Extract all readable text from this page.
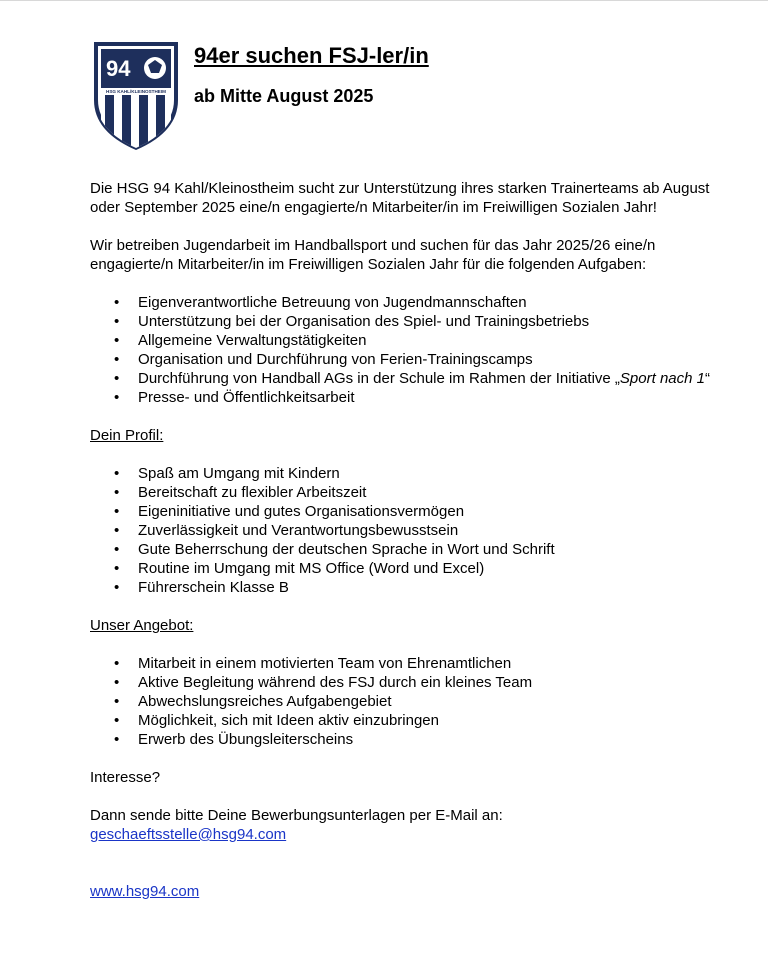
94
HSG KAHL/KLEINOSTHEIM
94er suchen FSJ-ler/in
ab Mitte August 2025

Die HSG 94 Kahl/Kleinostheim sucht zur Unterstützung ihres starken Trainerteams ab August oder September 2025 eine/n engagierte/n Mitarbeiter/in im Freiwilligen Sozialen Jahr!

Wir betreiben Jugendarbeit im Handballsport und suchen für das Jahr 2025/26 eine/n engagierte/n Mitarbeiter/in im Freiwilligen Sozialen Jahr für die folgenden Aufgaben:

• Eigenverantwortliche Betreuung von Jugendmannschaften
• Unterstützung bei der Organisation des Spiel- und Trainingsbetriebs
• Allgemeine Verwaltungstätigkeiten
• Organisation und Durchführung von Ferien-Trainingscamps
• Durchführung von Handball AGs in der Schule im Rahmen der Initiative „Sport nach 1“
• Presse- und Öffentlichkeitsarbeit

Dein Profil:

• Spaß am Umgang mit Kindern
• Bereitschaft zu flexibler Arbeitszeit
• Eigeninitiative und gutes Organisationsvermögen
• Zuverlässigkeit und Verantwortungsbewusstsein
• Gute Beherrschung der deutschen Sprache in Wort und Schrift
• Routine im Umgang mit MS Office (Word und Excel)
• Führerschein Klasse B

Unser Angebot:

• Mitarbeit in einem motivierten Team von Ehrenamtlichen
• Aktive Begleitung während des FSJ durch ein kleines Team
• Abwechslungsreiches Aufgabengebiet
• Möglichkeit, sich mit Ideen aktiv einzubringen
• Erwerb des Übungsleiterscheins

Interesse?

Dann sende bitte Deine Bewerbungsunterlagen per E-Mail an:

geschaeftsstelle@hsg94.com

www.hsg94.com
